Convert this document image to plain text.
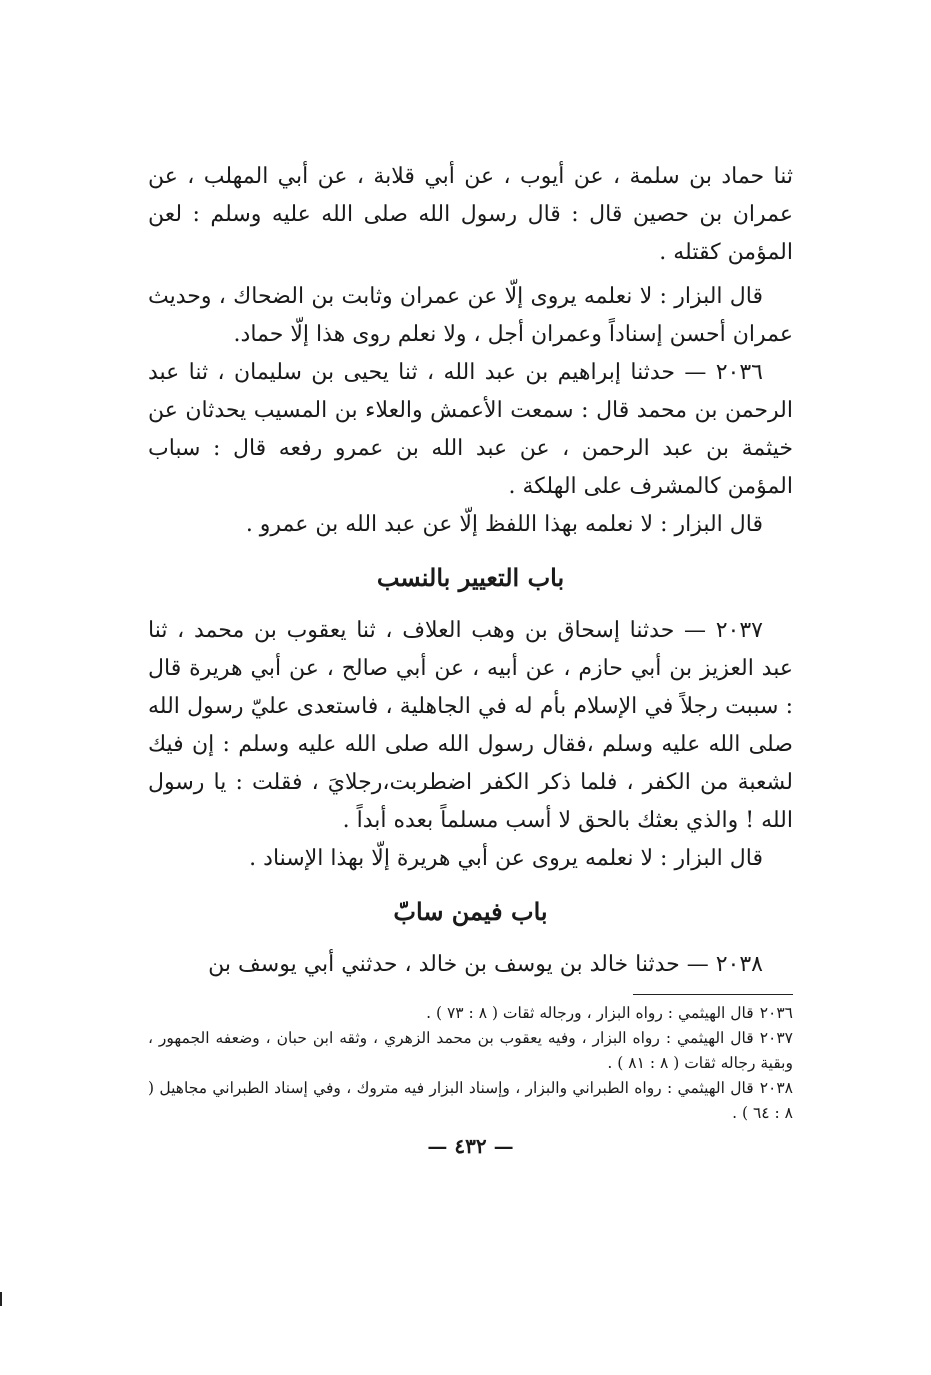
ثنا حماد بن سلمة ، عن أيوب ، عن أبي قلابة ، عن أبي المهلب ، عن عمران بن حصين قال : قال رسول الله صلى الله عليه وسلم : لعن المؤمن كقتله .

قال البزار : لا نعلمه يروى إلّا عن عمران وثابت بن الضحاك ، وحديث عمران أحسن إسناداً وعمران أجل ، ولا نعلم روى هذا إلّا حماد.

٢٠٣٦ — حدثنا إبراهيم بن عبد الله ، ثنا يحيى بن سليمان ، ثنا عبد الرحمن بن محمد قال : سمعت الأعمش والعلاء بن المسيب يحدثان عن خيثمة بن عبد الرحمن ، عن عبد الله بن عمرو رفعه قال : سباب المؤمن كالمشرف على الهلكة .

قال البزار : لا نعلمه بهذا اللفظ إلّا عن عبد الله بن عمرو .

باب التعيير بالنسب

٢٠٣٧ — حدثنا إسحاق بن وهب العلاف ، ثنا يعقوب بن محمد ، ثنا عبد العزيز بن أبي حازم ، عن أبيه ، عن أبي صالح ، عن أبي هريرة قال : سببت رجلاً في الإسلام بأم له في الجاهلية ، فاستعدى عليّ رسول الله صلى الله عليه وسلم ،فقال رسول الله صلى الله عليه وسلم : إن فيك لشعبة من الكفر ، فلما ذكر الكفر اضطربت،رجلايَ ، فقلت : يا رسول الله ! والذي بعثك بالحق لا أسب مسلماً بعده أبداً .

قال البزار : لا نعلمه يروى عن أبي هريرة إلّا بهذا الإسناد .

باب فيمن سابّ

٢٠٣٨ — حدثنا خالد بن يوسف بن خالد ، حدثني أبي يوسف بن

٢٠٣٦قال الهيثمي : رواه البزار ، ورجاله ثقات ( ٨ : ٧٣ ) .

٢٠٣٧قال الهيثمي : رواه البزار ، وفيه يعقوب بن محمد الزهري ، وثقه ابن حبان ، وضعفه الجمهور ، وبقية رجاله ثقات ( ٨ : ٨١ ) .

٢٠٣٨قال الهيثمي : رواه الطبراني والبزار ، وإسناد البزار فيه متروك ، وفي إسناد الطبراني مجاهيل ( ٨ : ٦٤ ) .

— ٤٣٢ —
